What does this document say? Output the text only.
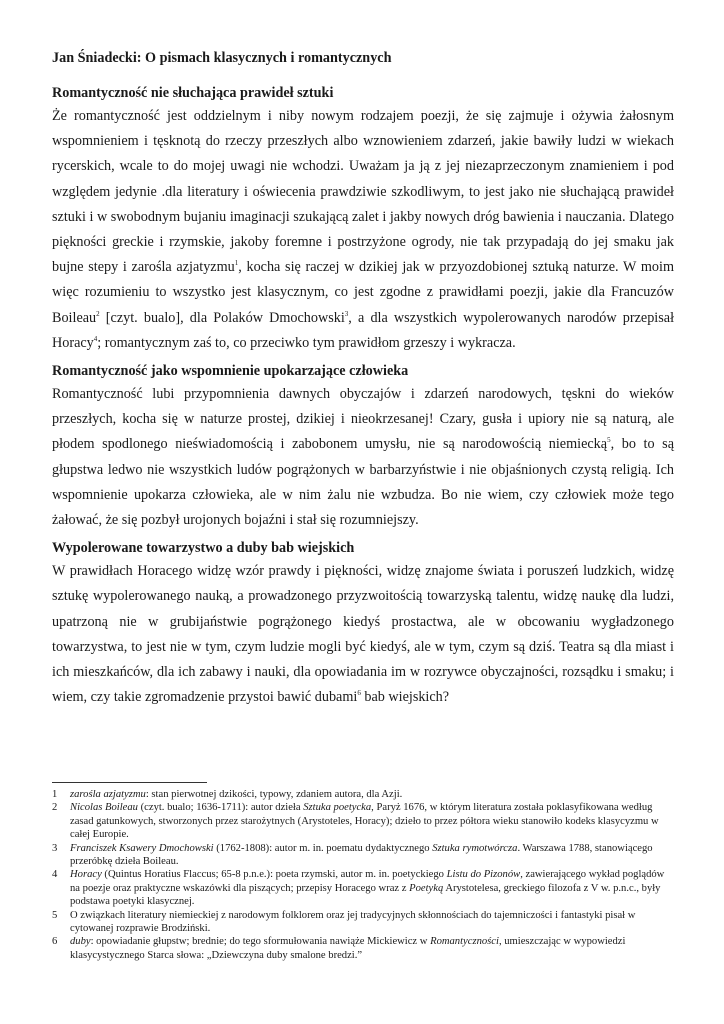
Jan Śniadecki: O pismach klasycznych i romantycznych
Romantyczność nie słuchająca prawideł sztuki

Że romantyczność jest oddzielnym i niby nowym rodzajem poezji, że się zajmuje i ożywia żałosnym wspomnieniem i tęsknotą do rzeczy przeszłych albo wznowieniem zdarzeń, jakie bawiły ludzi w wiekach rycerskich, wcale to do mojej uwagi nie wchodzi. Uważam ja ją z jej niezaprzeczonym znamieniem i pod względem jedynie .dla literatury i oświecenia prawdziwie szkodliwym, to jest jako nie słuchającą prawideł sztuki i w swobodnym bujaniu imaginacji szukającą zalet i jakby nowych dróg bawienia i nauczania. Dlatego piękności greckie i rzymskie, jakoby foremne i postrzyżone ogrody, nie tak przypadają do jej smaku jak bujne stepy i zarośla azjatyzmu$^1$, kocha się raczej w dzikiej jak w przyozdobionej sztuką naturze. W moim więc rozumieniu to wszystko jest klasycznym, co jest zgodne z prawidłami poezji, jakie dla Francuzów Boileau$^2$ [czyt. bualo], dla Polaków Dmochowski$^3$, a dla wszystkich wypolerowanych narodów przepisał Horacy$^4$; romantycznym zaś to, co przeciwko tym prawidłom grzeszy i wykracza.

Romantyczność jako wspomnienie upokarzające człowieka

Romantyczność lubi przypomnienia dawnych obyczajów i zdarzeń narodowych, tęskni do wieków przeszłych, kocha się w naturze prostej, dzikiej i nieokrzesanej! Czary, gusła i upiory nie są naturą, ale płodem spodlonego nieświadomością i zabobonem umysłu, nie są narodowością niemiecką$^5$, bo to są głupstwa ledwo nie wszystkich ludów pogrążonych w barbarzyństwie i nie objaśnionych czystą religią. Ich wspomnienie upokarza człowieka, ale w nim żalu nie wzbudza. Bo nie wiem, czy człowiek może tego żałować, że się pozbył urojonych bojaźni i stał się rozumniejszy.

Wypolerowane towarzystwo a duby bab wiejskich

W prawidłach Horacego widzę wzór prawdy i piękności, widzę znajome świata i poruszeń ludzkich, widzę sztukę wypolerowanego nauką, a prowadzonego przyzwoitością towarzyską talentu, widzę naukę dla ludzi, upatrzoną nie w grubijaństwie pogrążonego kiedyś prostactwa, ale w obcowaniu wygładzonego towarzystwa, to jest nie w tym, czym ludzie mogli być kiedyś, ale w tym, czym są dziś. Teatra są dla miast i ich mieszkańców, dla ich zabawy i nauki, dla opowiadania im w rozrywce obyczajności, rozsądku i smaku; i wiem, czy takie zgromadzenie przystoi bawić dubami$^6$ bab wiejskich?

1	zarośla azjatyzmu: stan pierwotnej dzikości, typowy, zdaniem autora, dla Azji.
2	Nicolas Boileau (czyt. bualo; 1636-1711): autor dzieła Sztuka poetycka, Paryż 1676, w którym literatura została poklasyfikowana według zasad gatunkowych, stworzonych przez starożytnych (Arystoteles, Horacy); dzieło to przez półtora wieku stanowiło kodeks klasycyzmu w całej Europie.
3	Franciszek Ksawery Dmochowski (1762-1808): autor m. in. poematu dydaktycznego Sztuka rymotwórcza. Warszawa 1788, stanowiącego przeróbkę dzieła Boileau.
4	Horacy (Quintus Horatius Flaccus; 65-8 p.n.e.): poeta rzymski, autor m. in. poetyckiego Listu do Pizonów, zawierającego wykład poglądów na poezje oraz praktyczne wskazówki dla piszących; przepisy Horacego wraz z Poetyką Arystotelesa, greckiego filozofa z V w. p.n.c., były podstawa poetyki klasycznej.
5	O związkach literatury niemieckiej z narodowym folklorem oraz jej tradycyjnych skłonnościach do tajemniczości i fantastyki pisał w cytowanej rozprawie Brodziński.
6	duby: opowiadanie głupstw; brednie; do tego sformułowania nawiąże Mickiewicz w Romantyczności, umieszczając w wypowiedzi klasycystycznego Starca słowa: „Dziewczyna duby smalone bredzi.”
